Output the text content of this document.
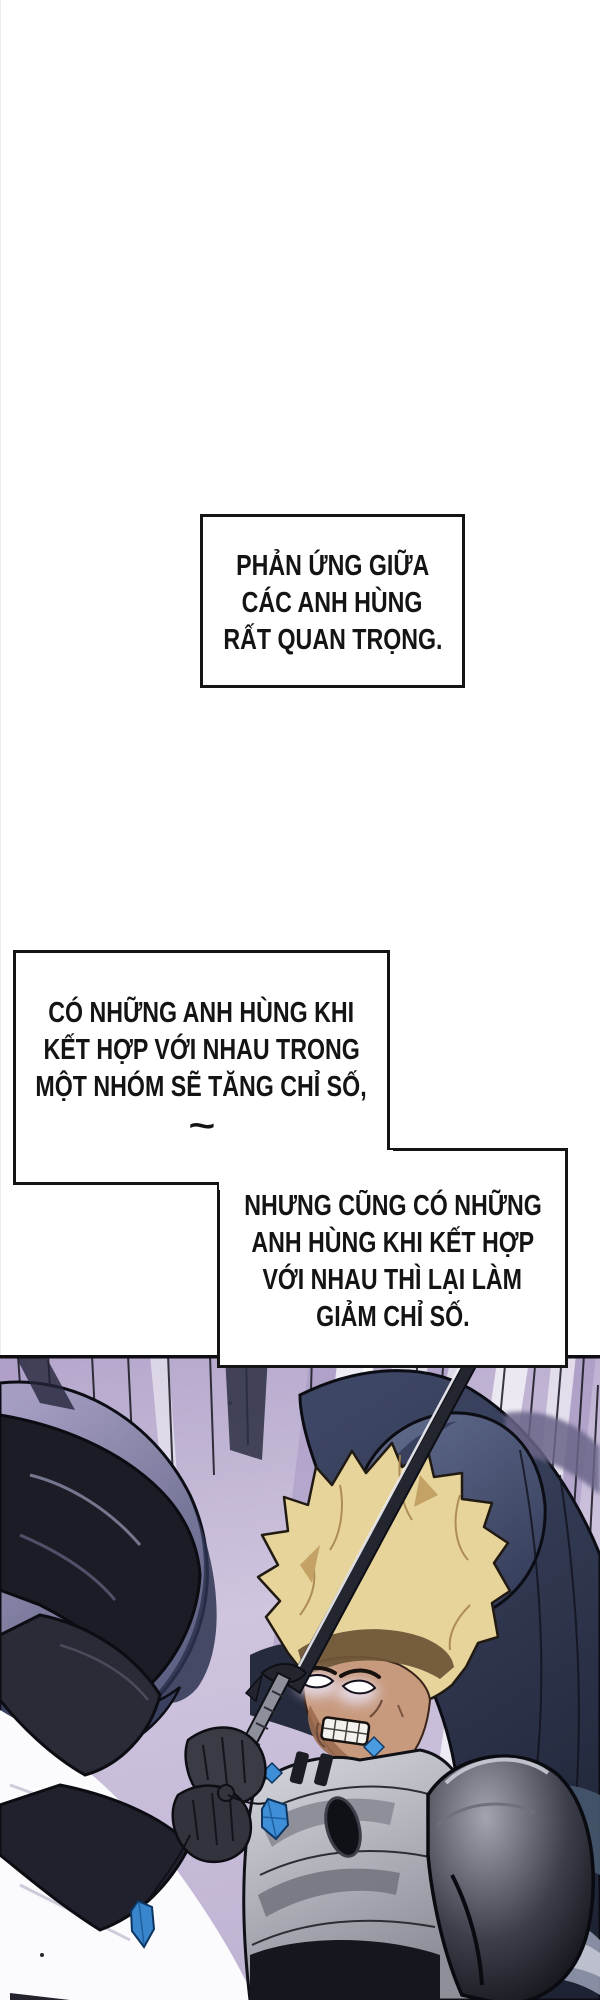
PHẢN ỨNG GIỮA
CÁC ANH HÙNG
RẤT QUAN TRỌNG.
NHƯNG CŨNG CÓ NHỮNG
ANH HÙNG KHI KẾT HỢP
VỚI NHAU THÌ LẠI LÀM
GIẢM CHỈ SỐ.
CÓ NHỮNG ANH HÙNG KHI
KẾT HỢP VỚI NHAU TRONG
MỘT NHÓM SẼ TĂNG CHỈ SỐ,
~
